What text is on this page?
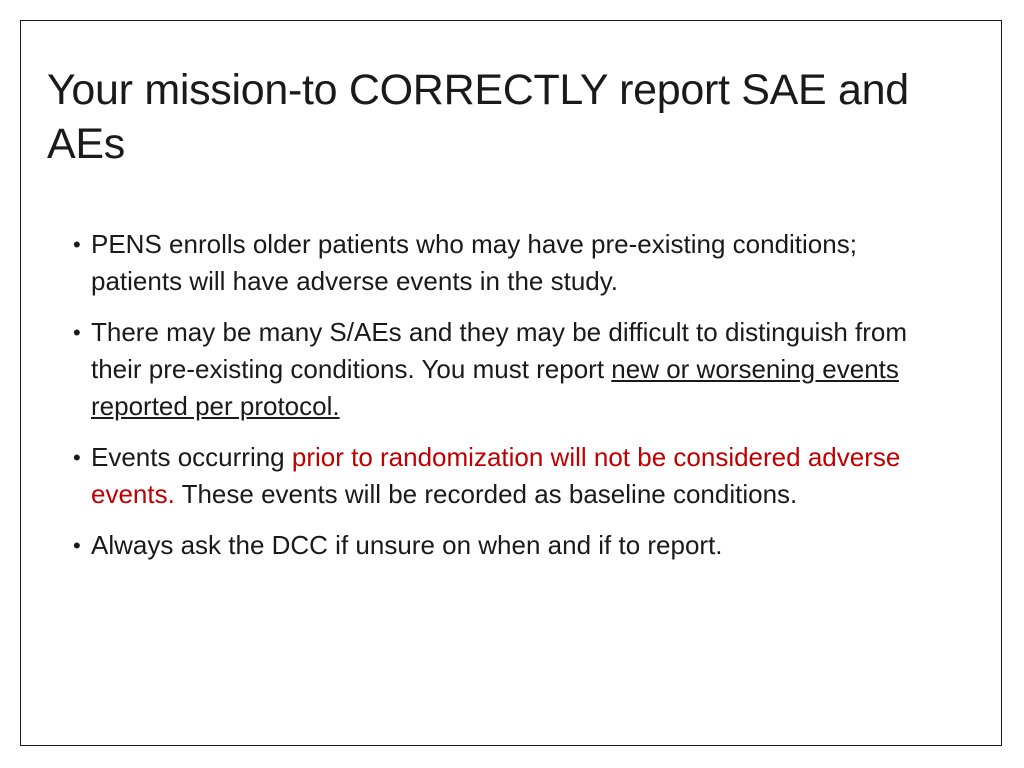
Your mission-to CORRECTLY report SAE and AEs
• PENS enrolls older patients who may have pre-existing conditions; patients will have adverse events in the study.
• There may be many S/AEs and they may be difficult to distinguish from their pre-existing conditions. You must report new or worsening events reported per protocol.
• Events occurring prior to randomization will not be considered adverse events. These events will be recorded as baseline conditions.
• Always ask the DCC if unsure on when and if to report.
